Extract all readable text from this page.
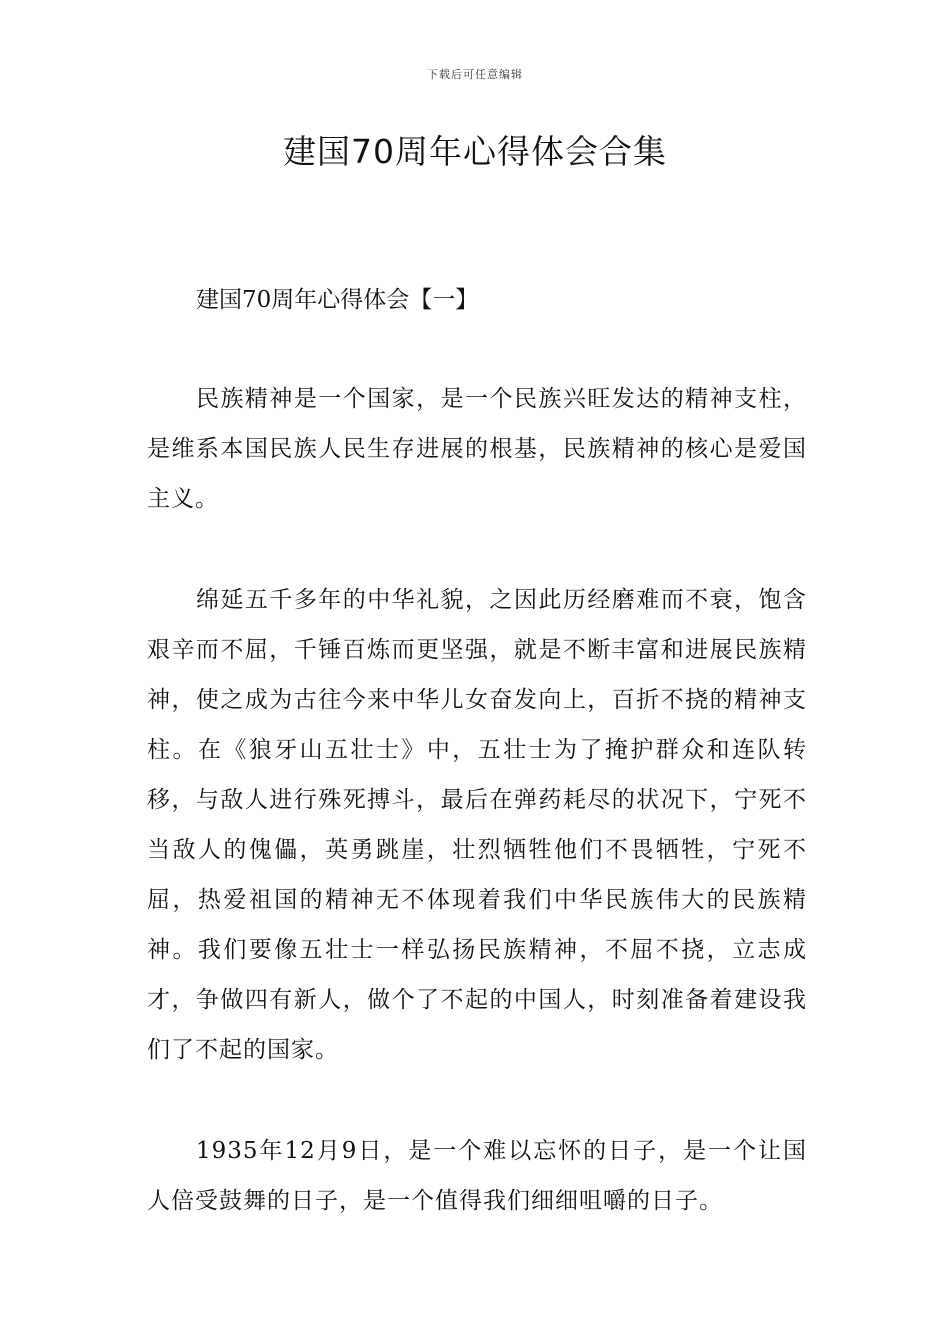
下载后可任意编辑
建国70周年心得体会合集

建国70周年心得体会【一】

民族精神是一个国家，是一个民族兴旺发达的精神支柱，是维系本国民族人民生存进展的根基，民族精神的核心是爱国主义。

绵延五千多年的中华礼貌，之因此历经磨难而不衰，饱含艰辛而不屈，千锤百炼而更坚强，就是不断丰富和进展民族精神，使之成为古往今来中华儿女奋发向上，百折不挠的精神支柱。在《狼牙山五壮士》中，五壮士为了掩护群众和连队转移，与敌人进行殊死搏斗，最后在弹药耗尽的状况下，宁死不当敌人的傀儡，英勇跳崖，壮烈牺牲他们不畏牺牲，宁死不屈，热爱祖国的精神无不体现着我们中华民族伟大的民族精神。我们要像五壮士一样弘扬民族精神，不屈不挠，立志成才，争做四有新人，做个了不起的中国人，时刻准备着建设我们了不起的国家。

1935年12月9日，是一个难以忘怀的日子，是一个让国人倍受鼓舞的日子，是一个值得我们细细咀嚼的日子。
